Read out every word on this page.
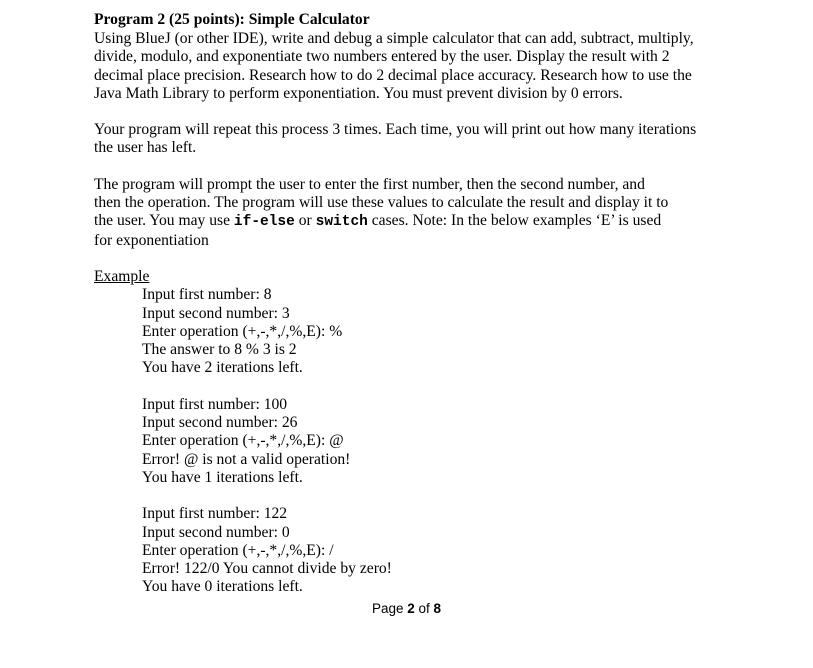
Program 2 (25 points): Simple Calculator

Using BlueJ (or other IDE), write and debug a simple calculator that can add, subtract, multiply,
divide, modulo, and exponentiate two numbers entered by the user. Display the result with 2
decimal place precision. Research how to do 2 decimal place accuracy. Research how to use the
Java Math Library to perform exponentiation. You must prevent division by 0 errors.
Your program will repeat this process 3 times. Each time, you will print out how many iterations
the user has left.
The program will prompt the user to enter the first number, then the second number, and
then the operation. The program will use these values to calculate the result and display it to
the user. You may use if-else or switch cases. Note: In the below examples ‘E’ is used
for exponentiation
Example
Input first number: 8
Input second number: 3
Enter operation (+,-,*,/,%,E): %
The answer to 8 % 3 is 2
You have 2 iterations left.
Input first number: 100
Input second number: 26
Enter operation (+,-,*,/,%,E): @
Error! @ is not a valid operation!
You have 1 iterations left.
Input first number: 122
Input second number: 0
Enter operation (+,-,*,/,%,E): /
Error! 122/0 You cannot divide by zero!
You have 0 iterations left.
Page 2 of 8
